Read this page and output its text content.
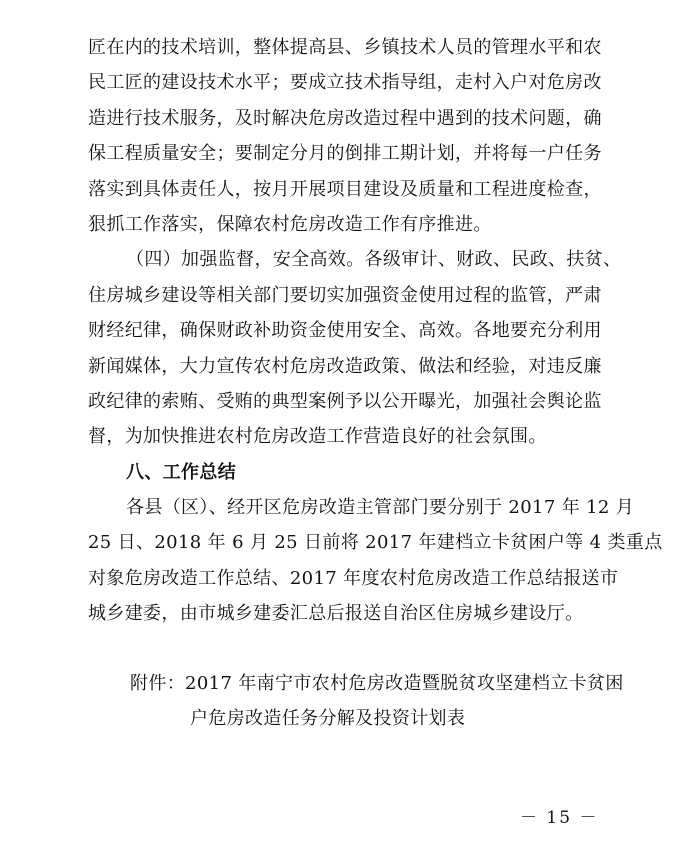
匠在内的技术培训，整体提高县、乡镇技术人员的管理水平和农
民工匠的建设技术水平；要成立技术指导组，走村入户对危房改
造进行技术服务，及时解决危房改造过程中遇到的技术问题，确
保工程质量安全；要制定分月的倒排工期计划，并将每一户任务
落实到具体责任人，按月开展项目建设及质量和工程进度检查，
狠抓工作落实，保障农村危房改造工作有序推进。
（四）加强监督，安全高效。各级审计、财政、民政、扶贫、
住房城乡建设等相关部门要切实加强资金使用过程的监管，严肃
财经纪律，确保财政补助资金使用安全、高效。各地要充分利用
新闻媒体，大力宣传农村危房改造政策、做法和经验，对违反廉
政纪律的索贿、受贿的典型案例予以公开曝光，加强社会舆论监
督，为加快推进农村危房改造工作营造良好的社会氛围。
八、工作总结
各县（区）、经开区危房改造主管部门要分别于 2017 年 12 月
25 日、2018 年 6 月 25 日前将 2017 年建档立卡贫困户等 4 类重点
对象危房改造工作总结、2017 年度农村危房改造工作总结报送市
城乡建委，由市城乡建委汇总后报送自治区住房城乡建设厅。
附件：2017 年南宁市农村危房改造暨脱贫攻坚建档立卡贫困
户危房改造任务分解及投资计划表
－ 15 －
